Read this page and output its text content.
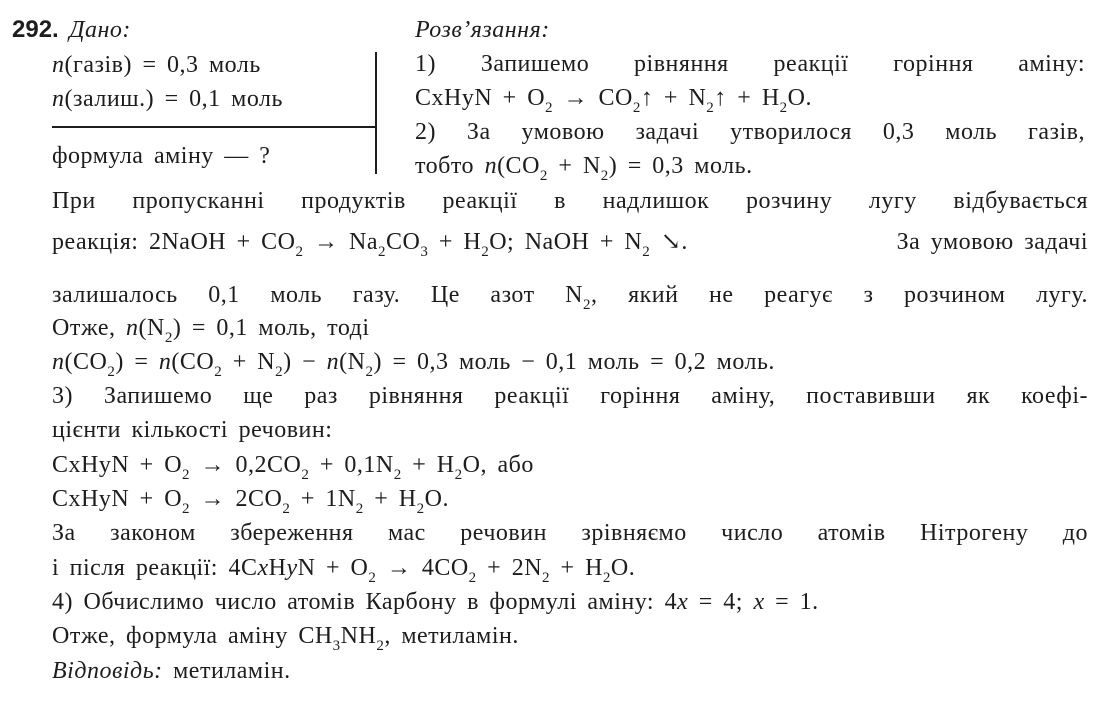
292. Дано:
n(газів) = 0,3 моль
n(залиш.) = 0,1 моль
формула аміну — ?
Розв’язання:
1) Запишемо рівняння реакції горіння аміну:
CxHyN + $O_2$ → $CO_2↑$ + $N_2↑ + H_2O$.
2) За умовою задачі утворилося 0,3 моль газів,
тобто $n(CO_2 + N_2) = 0,3$ моль.
При пропусканні продуктів реакції в надлишок розчину лугу відбувається
реакція: 2NaOH + $CO_2 \to Na_2CO_3 + H_2O$; NaOH + $N_2$ ↘.	За умовою задачі
залишалось 0,1 моль газу. Це азот $N_2$, який не реагує з розчином лугу.
Отже, $n(N_2) = 0,1$ моль, тоді
$n(CO_2) = n(CO_2 + N_2) - n(N_2) = 0,3$ моль − 0,1 моль = 0,2 моль.
3) Запишемо ще раз рівняння реакції горіння аміну, поставивши як коефі-
цієнти кількості речовин:
CxHyN + $O_2 \to 0,2CO_2 + 0,1N_2 + H_2O$, або
CxHyN + $O_2 \to 2CO_2 + 1N_2 + H_2O$.
За законом збереження мас речовин зрівняємо число атомів Нітрогену до
і після реакції: 4CxHyN + $O_2 \to 4CO_2 + 2N_2 + H_2O$.
4) Обчислимо число атомів Карбону в формулі аміну: 4x = 4; x = 1.
Отже, формула аміну $CH_3NH_2$, метиламін.
Відповідь: метиламін.
